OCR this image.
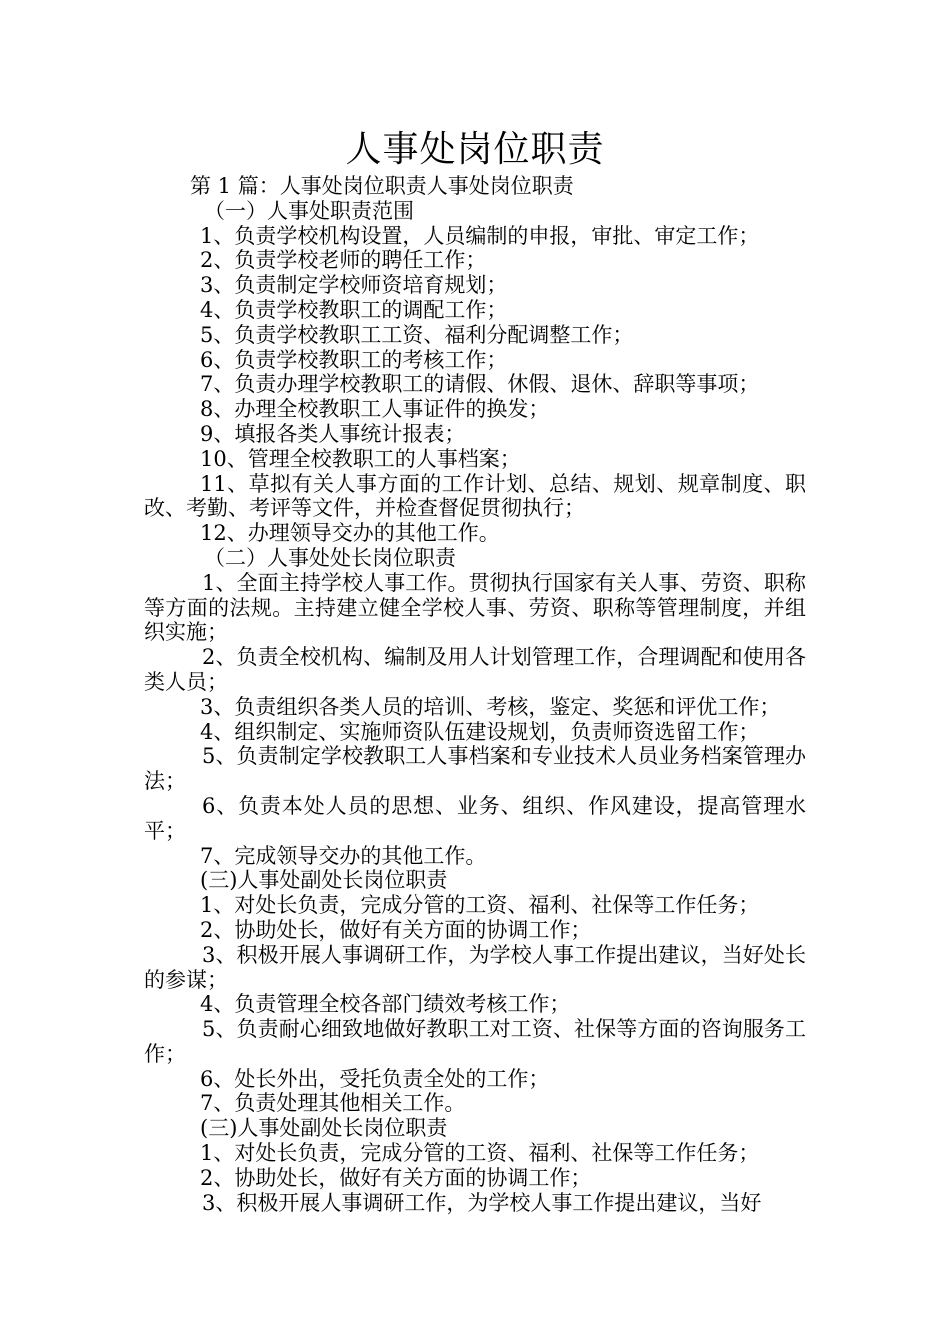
人事处岗位职责

第 1 篇：人事处岗位职责人事处岗位职责

（一）人事处职责范围

1、负责学校机构设置，人员编制的申报，审批、审定工作；

2、负责学校老师的聘任工作；

3、负责制定学校师资培育规划；

4、负责学校教职工的调配工作；

5、负责学校教职工工资、福利分配调整工作；

6、负责学校教职工的考核工作；

7、负责办理学校教职工的请假、休假、退休、辞职等事项；

8、办理全校教职工人事证件的换发；

9、填报各类人事统计报表；

10、管理全校教职工的人事档案；

11、草拟有关人事方面的工作计划、总结、规划、规章制度、职改、考勤、考评等文件，并检查督促贯彻执行；

12、办理领导交办的其他工作。

（二）人事处处长岗位职责

1、全面主持学校人事工作。贯彻执行国家有关人事、劳资、职称等方面的法规。主持建立健全学校人事、劳资、职称等管理制度，并组织实施；

2、负责全校机构、编制及用人计划管理工作，合理调配和使用各类人员；

3、负责组织各类人员的培训、考核，鉴定、奖惩和评优工作；

4、组织制定、实施师资队伍建设规划，负责师资选留工作；

5、负责制定学校教职工人事档案和专业技术人员业务档案管理办法；

6、负责本处人员的思想、业务、组织、作风建设，提高管理水平；

7、完成领导交办的其他工作。

(三)人事处副处长岗位职责

1、对处长负责，完成分管的工资、福利、社保等工作任务；

2、协助处长，做好有关方面的协调工作；

3、积极开展人事调研工作，为学校人事工作提出建议，当好处长的参谋；

4、负责管理全校各部门绩效考核工作；

5、负责耐心细致地做好教职工对工资、社保等方面的咨询服务工作；

6、处长外出，受托负责全处的工作；

7、负责处理其他相关工作。

(三)人事处副处长岗位职责

1、对处长负责，完成分管的工资、福利、社保等工作任务；

2、协助处长，做好有关方面的协调工作；

3、积极开展人事调研工作，为学校人事工作提出建议，当好
